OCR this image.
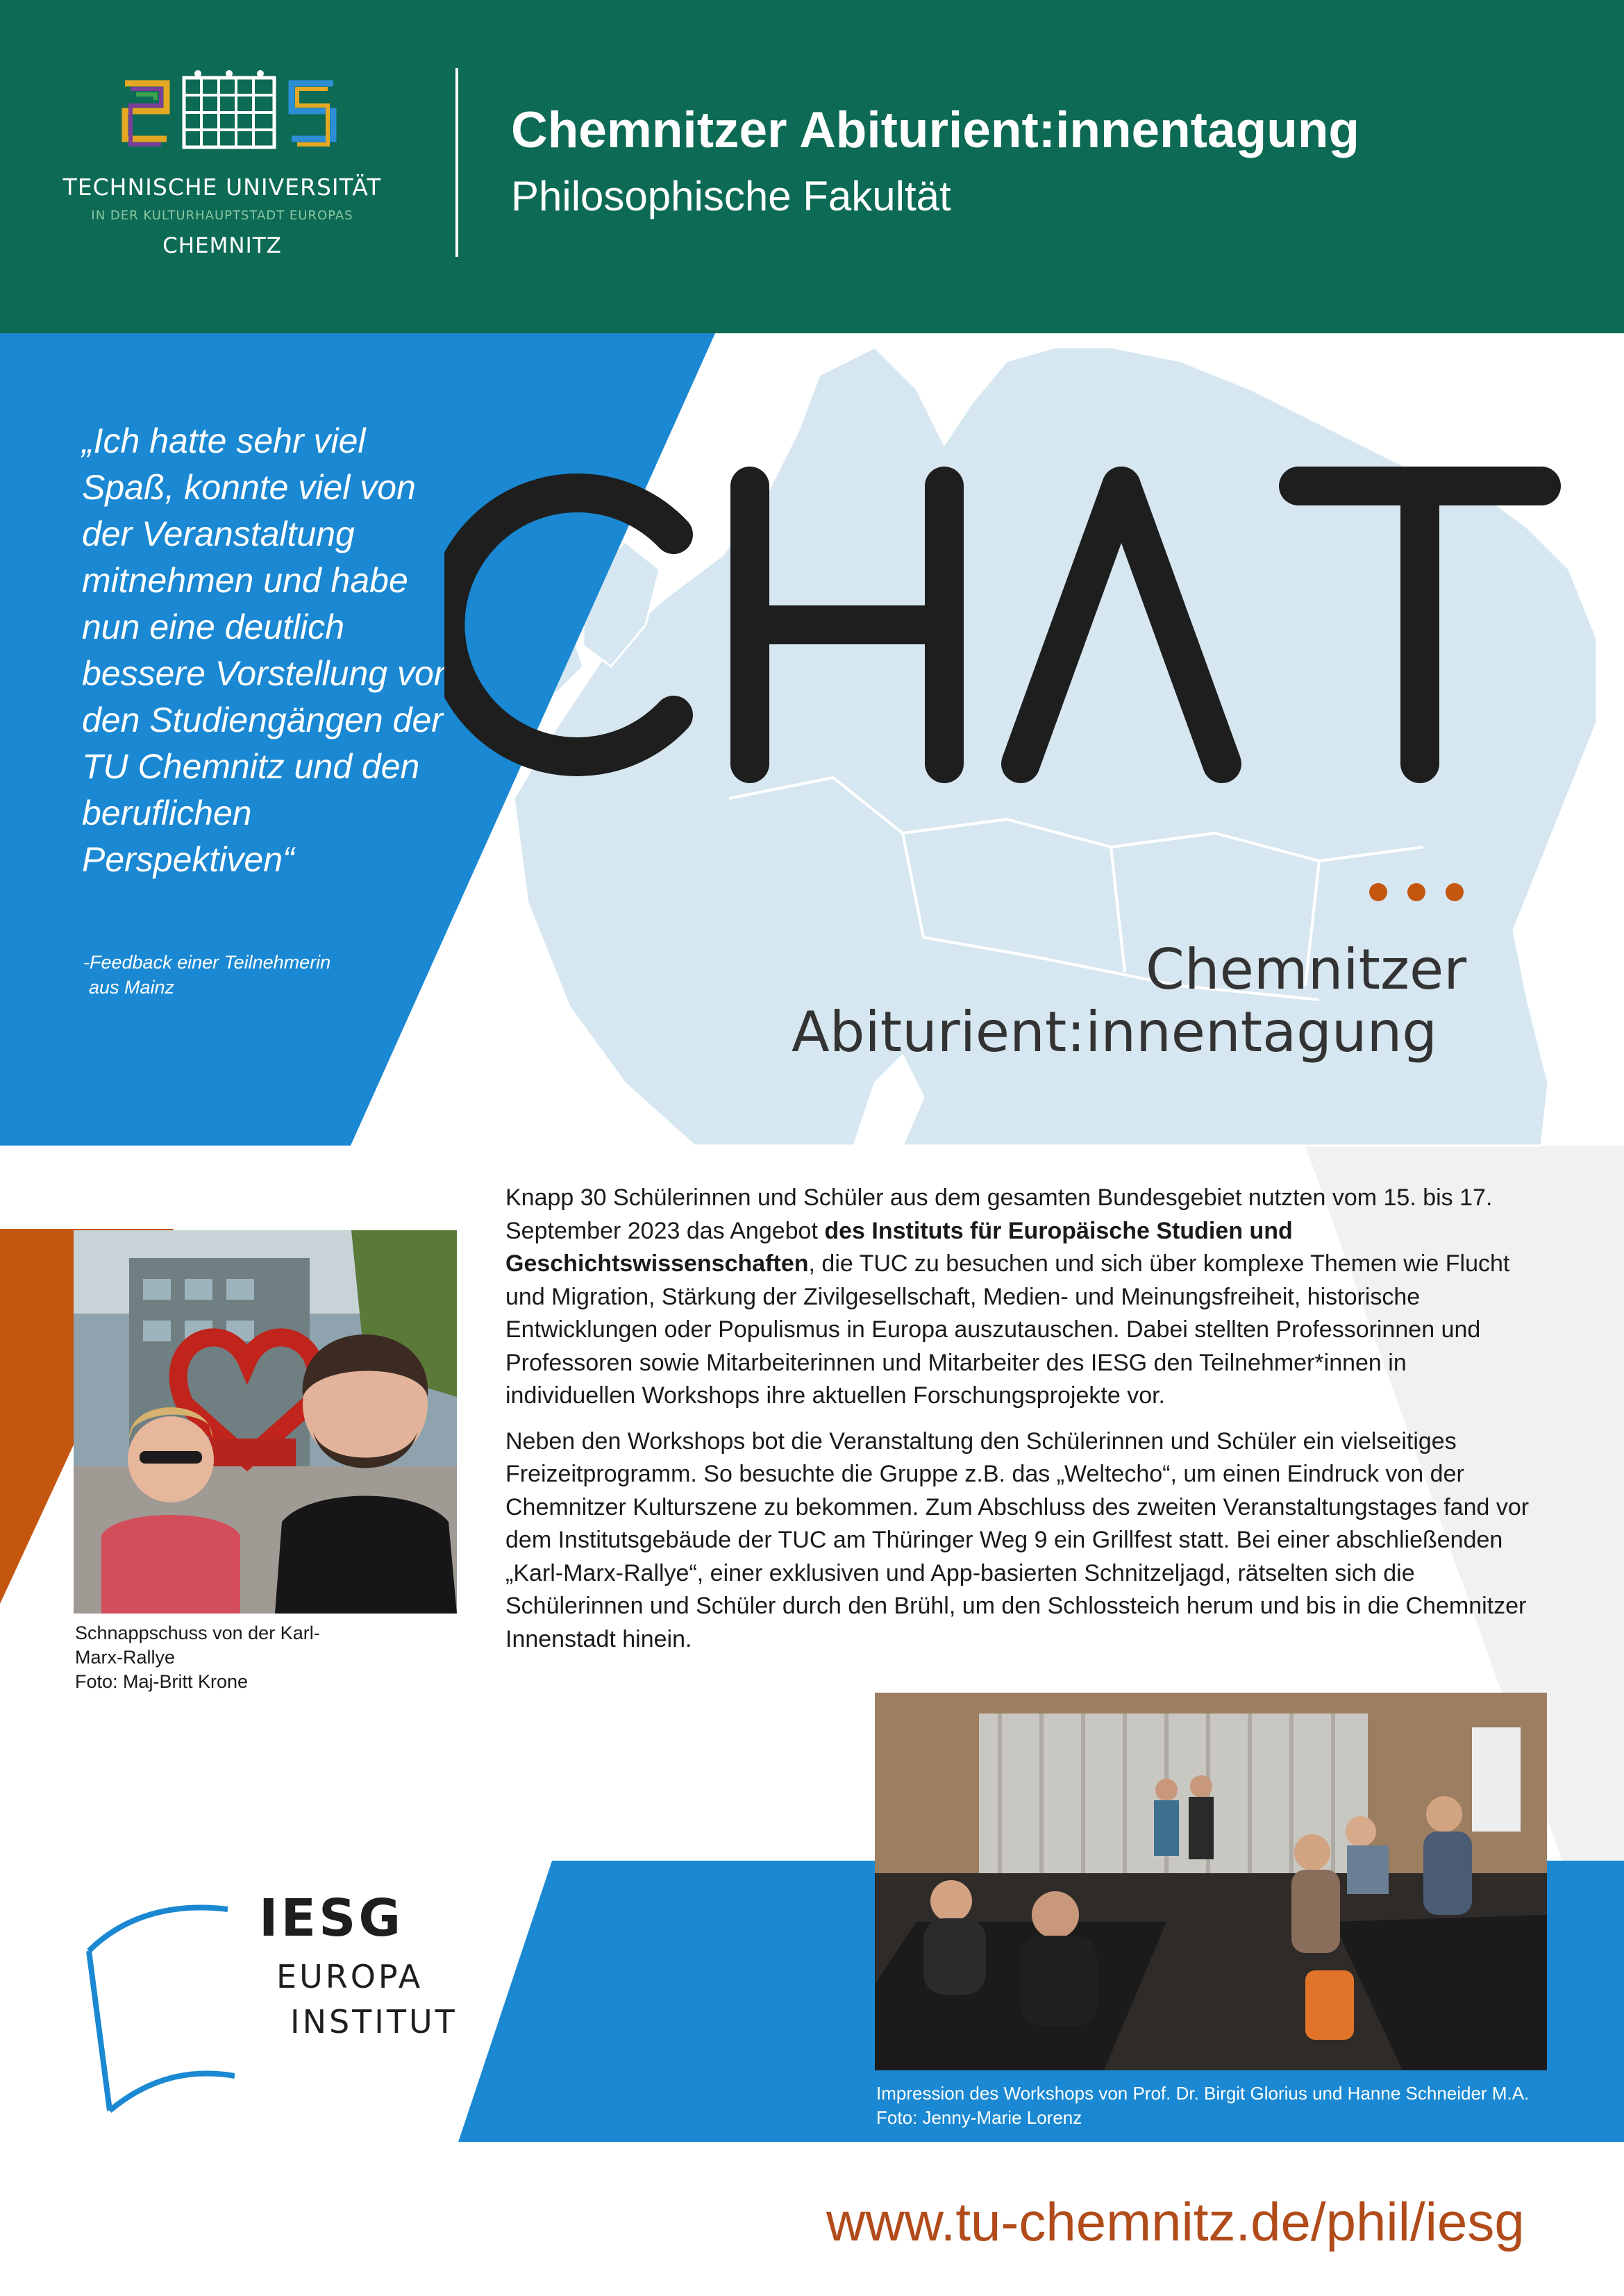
TECHNISCHE UNIVERSITÄT
IN DER KULTURHAUPTSTADT EUROPAS
CHEMNITZ
Chemnitzer Abiturient:innentagung
Philosophische Fakultät
„Ich hatte sehr viel Spaß, konnte viel von der Veranstaltung mitnehmen und habe nun eine deutlich bessere Vorstellung von den Studiengängen der TU Chemnitz und den beruflichen Perspektiven“
-Feedback einer Teilnehmerin
aus Mainz	Chemnitzer
Abiturient:innentagung

Knapp 30 Schülerinnen und Schüler aus dem gesamten Bundesgebiet nutzten vom 15. bis 17. September 2023 das Angebot des Instituts für Europäische Studien und Geschichtswissenschaften, die TUC zu besuchen und sich über komplexe Themen wie Flucht und Migration, Stärkung der Zivilgesellschaft, Medien- und Meinungsfreiheit, historische Entwicklungen oder Populismus in Europa auszutauschen. Dabei stellten Professorinnen und Professoren sowie Mitarbeiterinnen und Mitarbeiter des IESG den Teilnehmer*innen in individuellen Workshops ihre aktuellen Forschungsprojekte vor.

Neben den Workshops bot die Veranstaltung den Schülerinnen und Schüler ein vielseitiges Freizeitprogramm. So besuchte die Gruppe z.B. das „Weltecho“, um einen Eindruck von der Chemnitzer Kulturszene zu bekommen. Zum Abschluss des zweiten Veranstaltungstages fand vor dem Institutsgebäude der TUC am Thüringer Weg 9 ein Grillfest statt. Bei einer abschließenden „Karl-Marx-Rallye“, einer exklusiven und App-basierten Schnitzeljagd, rätselten sich die Schülerinnen und Schüler durch den Brühl, um den Schlossteich herum und bis in die Chemnitzer Innenstadt hinein.

Schnappschuss von der Karl-
Marx-Rallye
Foto: Maj-Britt Krone
Impression des Workshops von Prof. Dr. Birgit Glorius und Hanne Schneider M.A.
Foto: Jenny-Marie Lorenz
IESG
EUROPA
INSTITUT
www.tu-chemnitz.de/phil/iesg
